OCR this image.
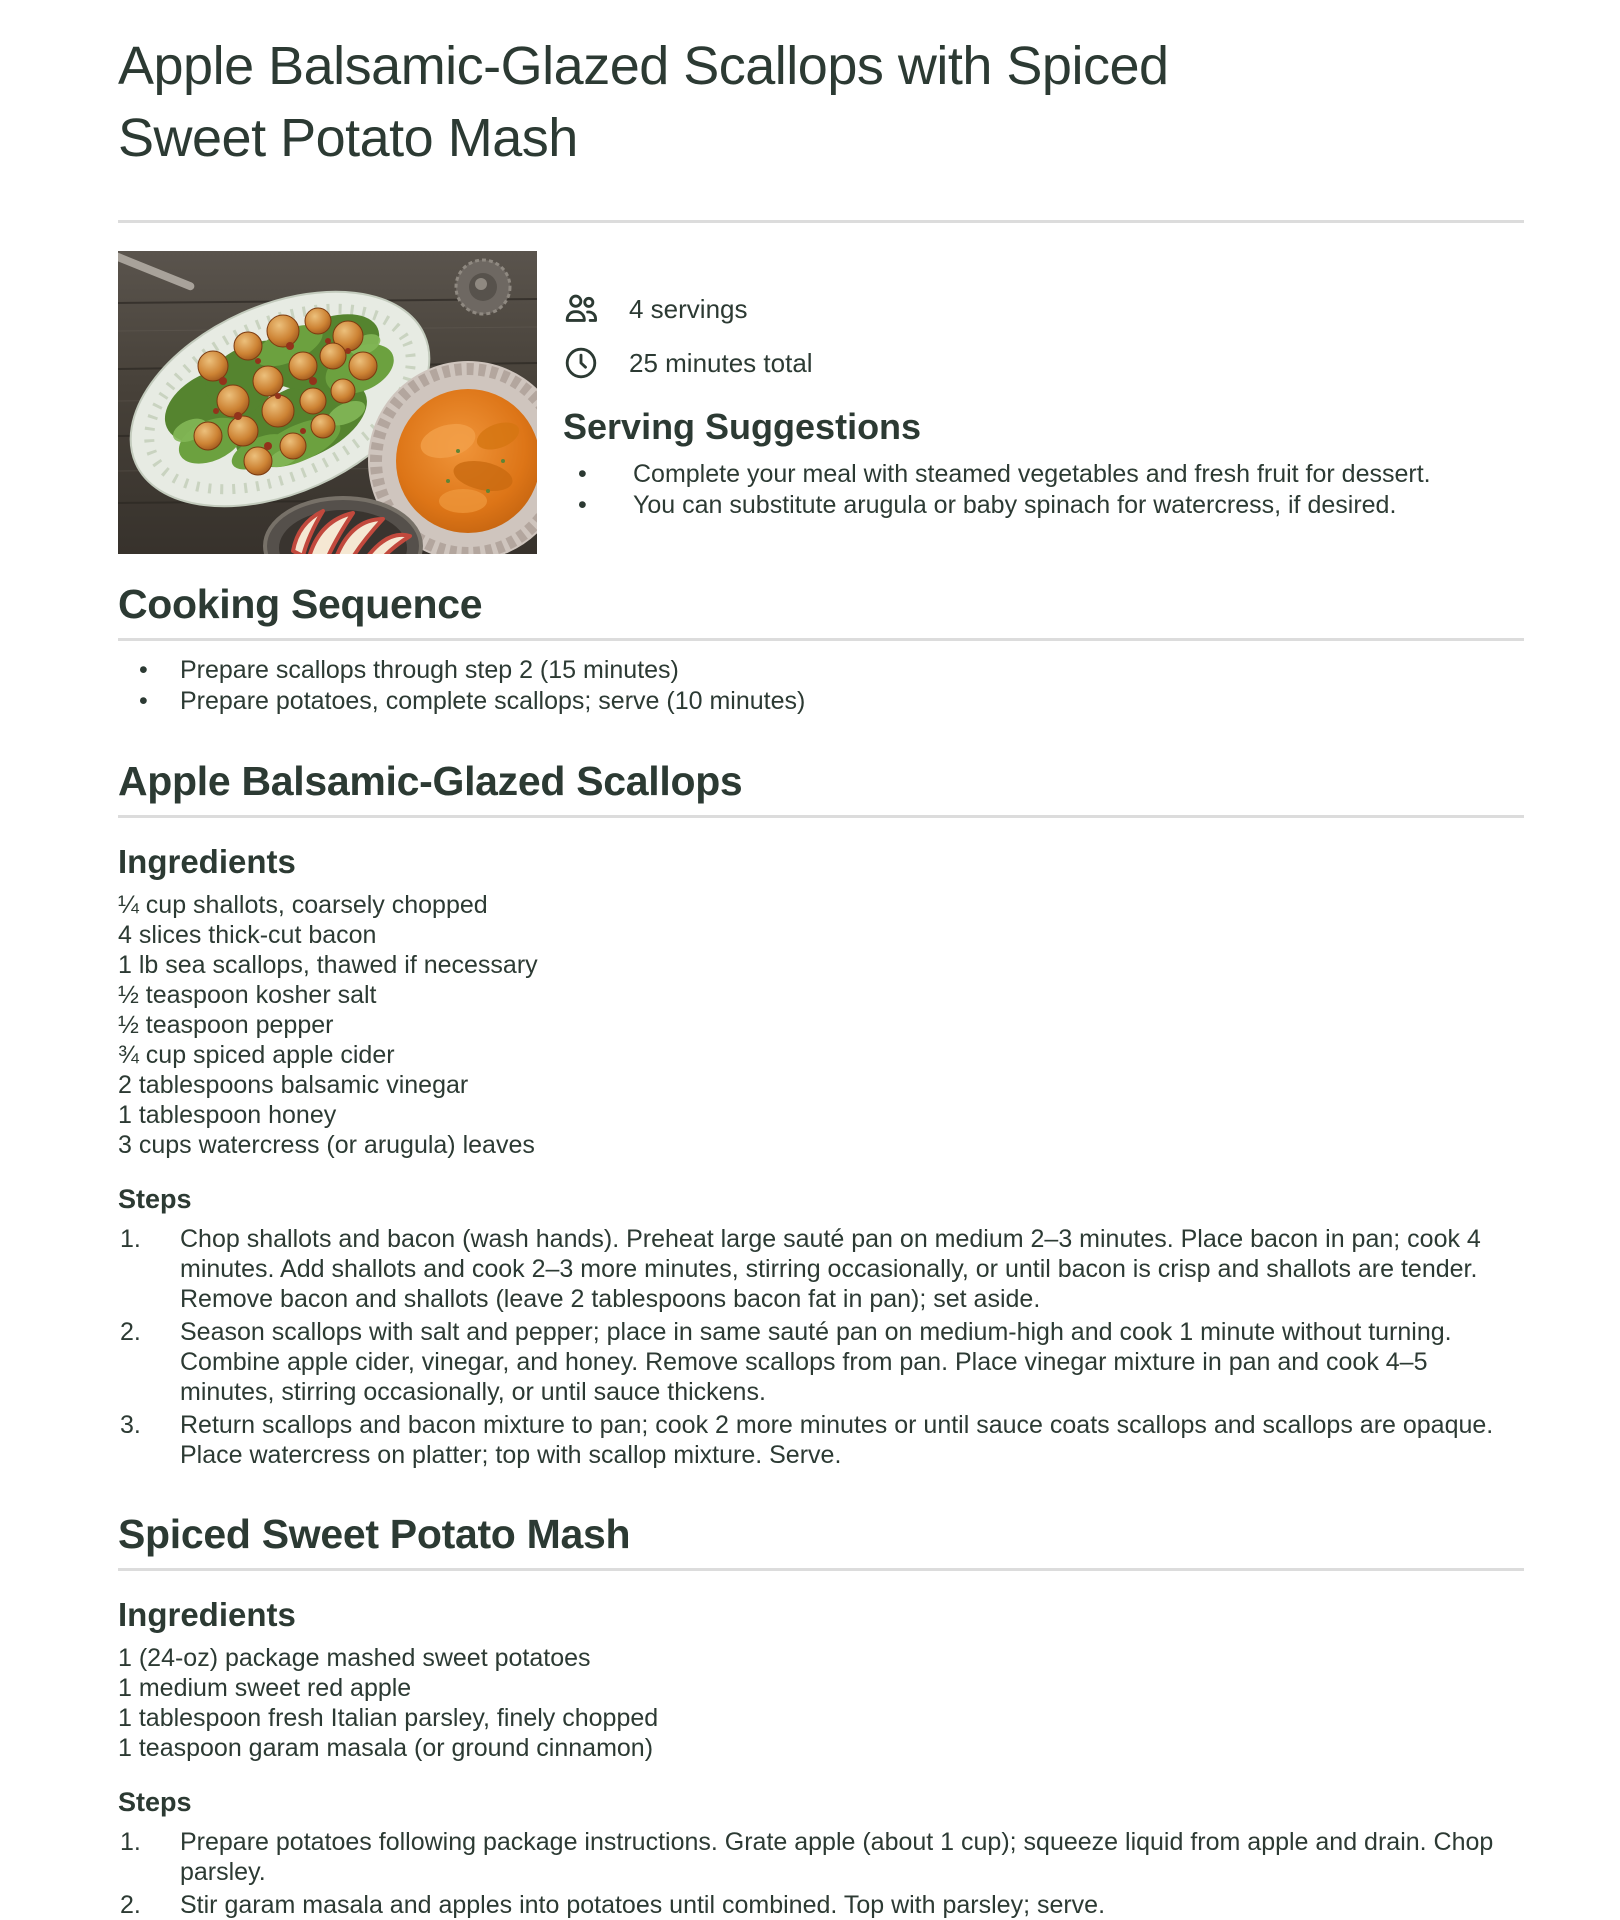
Apple Balsamic-Glazed Scallops with Spiced
Sweet Potato Mash
4 servings
25 minutes total
Serving Suggestions
• Complete your meal with steamed vegetables and fresh fruit for dessert.
• You can substitute arugula or baby spinach for watercress, if desired.
Cooking Sequence
• Prepare scallops through step 2 (15 minutes)
• Prepare potatoes, complete scallops; serve (10 minutes)
Apple Balsamic-Glazed Scallops
Ingredients
¼ cup shallots, coarsely chopped
4 slices thick-cut bacon
1 lb sea scallops, thawed if necessary
½ teaspoon kosher salt
½ teaspoon pepper
¾ cup spiced apple cider
2 tablespoons balsamic vinegar
1 tablespoon honey
3 cups watercress (or arugula) leaves
Steps
Chop shallots and bacon (wash hands). Preheat large sauté pan on medium 2–3 minutes. Place bacon in pan; cook 4 minutes. Add shallots and cook 2–3 more minutes, stirring occasionally, or until bacon is crisp and shallots are tender. Remove bacon and shallots (leave 2 tablespoons bacon fat in pan); set aside.
Season scallops with salt and pepper; place in same sauté pan on medium-high and cook 1 minute without turning. Combine apple cider, vinegar, and honey. Remove scallops from pan. Place vinegar mixture in pan and cook 4–5 minutes, stirring occasionally, or until sauce thickens.
Return scallops and bacon mixture to pan; cook 2 more minutes or until sauce coats scallops and scallops are opaque. Place watercress on platter; top with scallop mixture. Serve.
Spiced Sweet Potato Mash
Ingredients
1 (24-oz) package mashed sweet potatoes
1 medium sweet red apple
1 tablespoon fresh Italian parsley, finely chopped
1 teaspoon garam masala (or ground cinnamon)
Steps
Prepare potatoes following package instructions. Grate apple (about 1 cup); squeeze liquid from apple and drain. Chop parsley.
Stir garam masala and apples into potatoes until combined. Top with parsley; serve.
